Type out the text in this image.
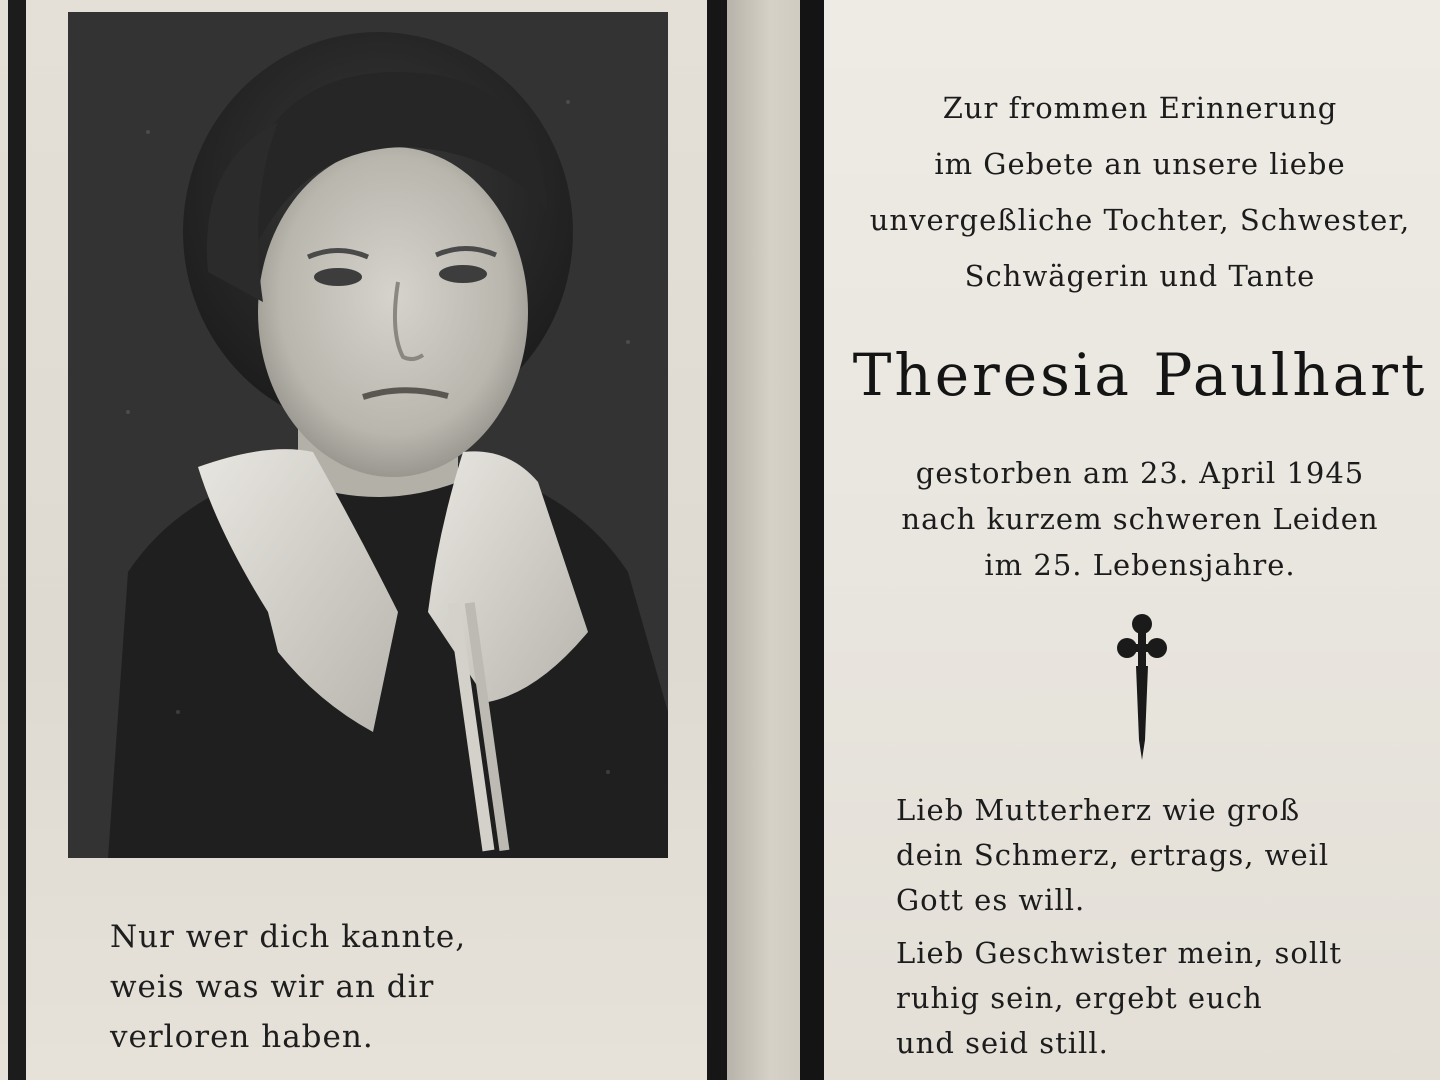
Nur wer dich kannte,
weis was wir an dir
verloren haben.
Zur frommen Erinnerung
im Gebete an unsere liebe
unvergeßliche Tochter, Schwester,
Schwägerin und Tante
Theresia Paulhart
gestorben am 23. April 1945
nach kurzem schweren Leiden
im 25. Lebensjahre.
Lieb Mutterherz wie groß
dein Schmerz, ertrags, weil
Gott es will.
Lieb Geschwister mein, sollt
ruhig sein, ergebt euch
und seid still.
